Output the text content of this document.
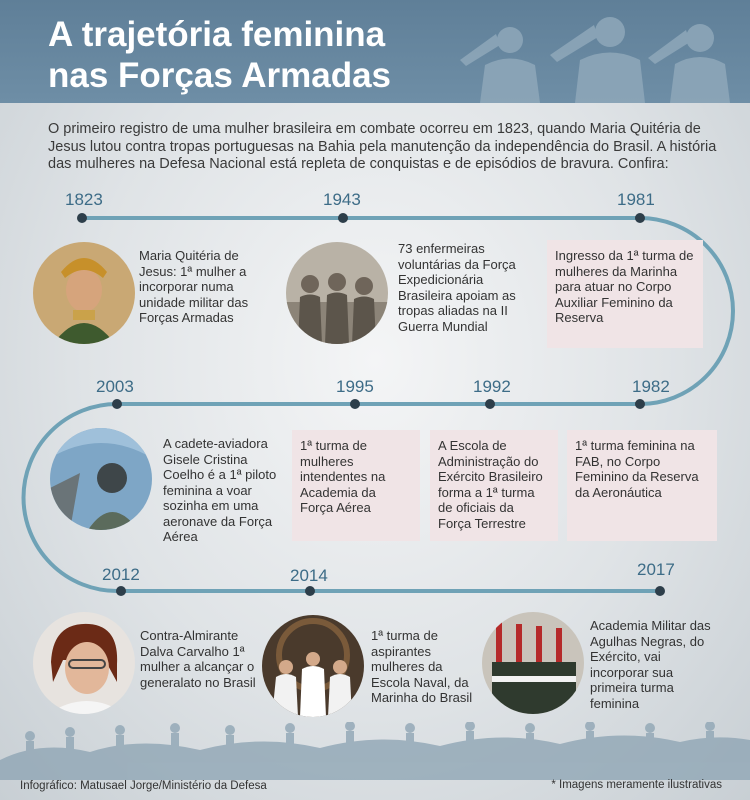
A trajetória feminina
nas Forças Armadas

O primeiro registro de uma mulher brasileira em combate ocorreu em 1823, quando Maria Quitéria de Jesus lutou contra tropas portuguesas na Bahia pela manutenção da independência do Brasil. A história das mulheres na Defesa Nacional está repleta de conquistas e de episódios de bravura. Confira:

1823	1943	1981
1982
1992
1995
2003
2012	2014	2017

Maria Quitéria de Jesus: 1ª mulher a incorporar numa unidade militar das Forças Armadas

73 enfermeiras voluntárias da Força Expedicionária Brasileira apoiam as tropas aliadas na II Guerra Mundial

Ingresso da 1ª turma de mulheres da Marinha para atuar no Corpo Auxiliar Feminino da Reserva

A cadete-aviadora Gisele Cristina Coelho é a 1ª piloto feminina a voar sozinha em uma aeronave da Força Aérea

1ª turma de mulheres intendentes na Academia da Força Aérea
A Escola de Administração do Exército Brasileiro forma a 1ª turma de oficiais da Força Terrestre
1ª turma feminina na FAB, no Corpo Feminino da Reserva da Aeronáutica

Contra-Almirante Dalva Carvalho 1ª mulher a alcançar o generalato no Brasil

1ª turma de aspirantes mulheres da Escola Naval, da Marinha do Brasil

Academia Militar das Agulhas Negras, do Exército, vai incorporar sua primeira turma feminina

Infográfico: Matusael Jorge/Ministério da Defesa	* Imagens meramente ilustrativas
